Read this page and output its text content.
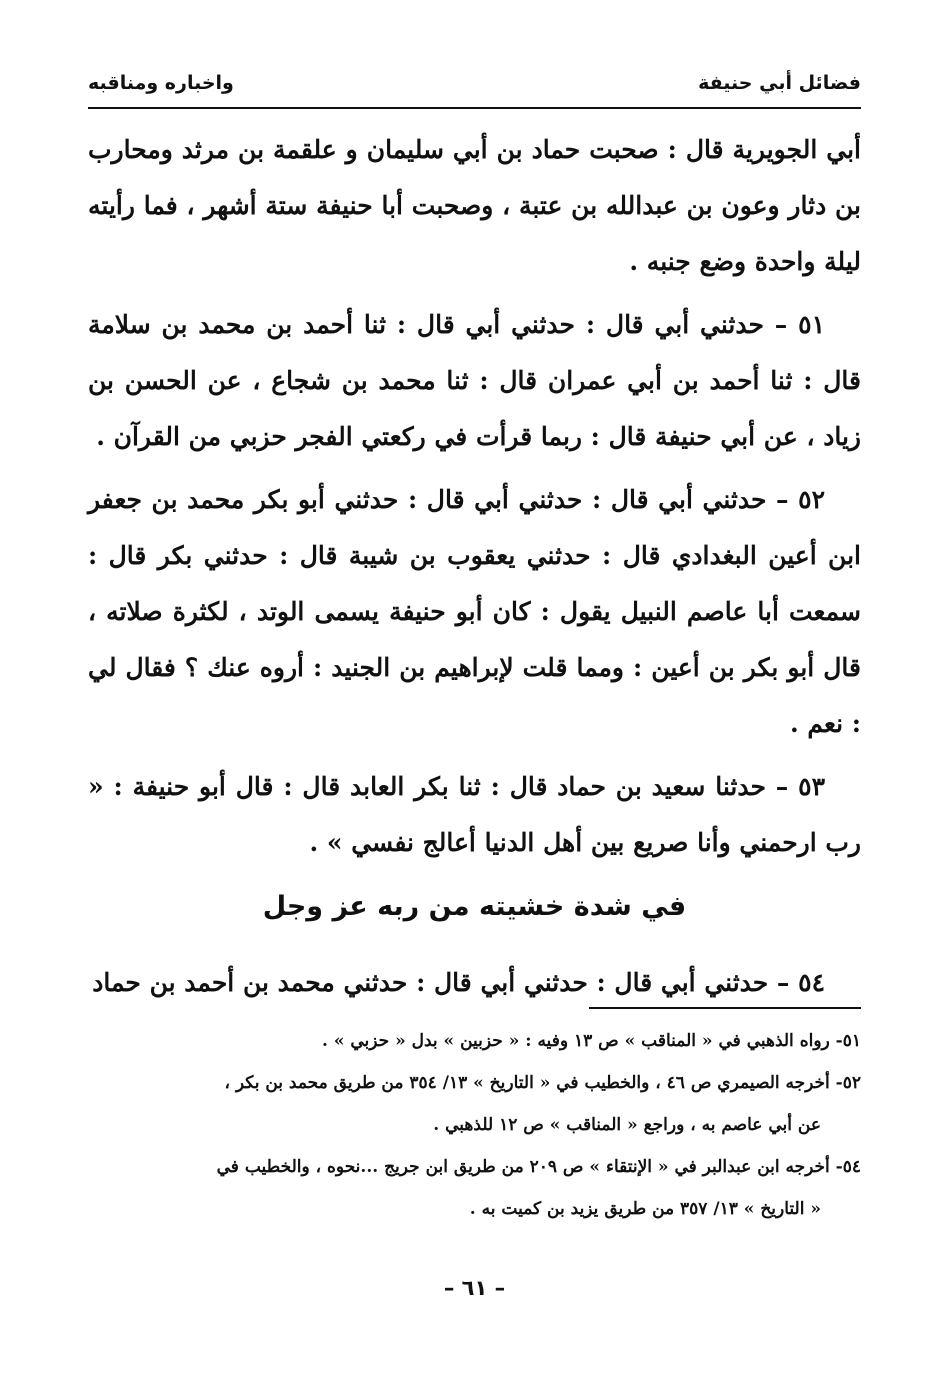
فضائل أبي حنيفة
واخباره ومناقبه

أبي الجويرية قال : صحبت حماد بن أبي سليمان و علقمة بن مرثد ومحارب بن دثار وعون بن عبدالله بن عتبة ، وصحبت أبا حنيفة ستة أشهر ، فما رأيته ليلة واحدة وضع جنبه .

٥١ – حدثني أبي قال : حدثني أبي قال : ثنا أحمد بن محمد بن سلامة قال : ثنا أحمد بن أبي عمران قال : ثنا محمد بن شجاع ، عن الحسن بن زياد ، عن أبي حنيفة قال : ربما قرأت في ركعتي الفجر حزبي من القرآن .

٥٢ – حدثني أبي قال : حدثني أبي قال : حدثني أبو بكر محمد بن جعفر ابن أعين البغدادي قال : حدثني يعقوب بن شيبة قال : حدثني بكر قال : سمعت أبا عاصم النبيل يقول : كان أبو حنيفة يسمى الوتد ، لكثرة صلاته ، قال أبو بكر بن أعين : ومما قلت لإبراهيم بن الجنيد : أروه عنك ؟ فقال لي : نعم .

٥٣ – حدثنا سعيد بن حماد قال : ثنا بكر العابد قال : قال أبو حنيفة : « رب ارحمني وأنا صريع بين أهل الدنيا أعالج نفسي » .

في شدة خشيته من ربه عز وجل

٥٤ – حدثني أبي قال : حدثني أبي قال : حدثني محمد بن أحمد بن حماد

٥١- رواه الذهبي في « المناقب » ص ١٣ وفيه : « حزبين » بدل « حزبي » .

٥٢- أخرجه الصيمري ص ٤٦ ، والخطيب في « التاريخ » ١٣/ ٣٥٤ من طريق محمد بن بكر ،

عن أبي عاصم به ، وراجع « المناقب » ص ١٢ للذهبي .

٥٤- أخرجه ابن عبدالبر في « الإنتقاء » ص ٢٠٩ من طريق ابن جريج ...نحوه ، والخطيب في

« التاريخ » ١٣/ ٣٥٧ من طريق يزيد بن كميت به .

– ٦١ –
